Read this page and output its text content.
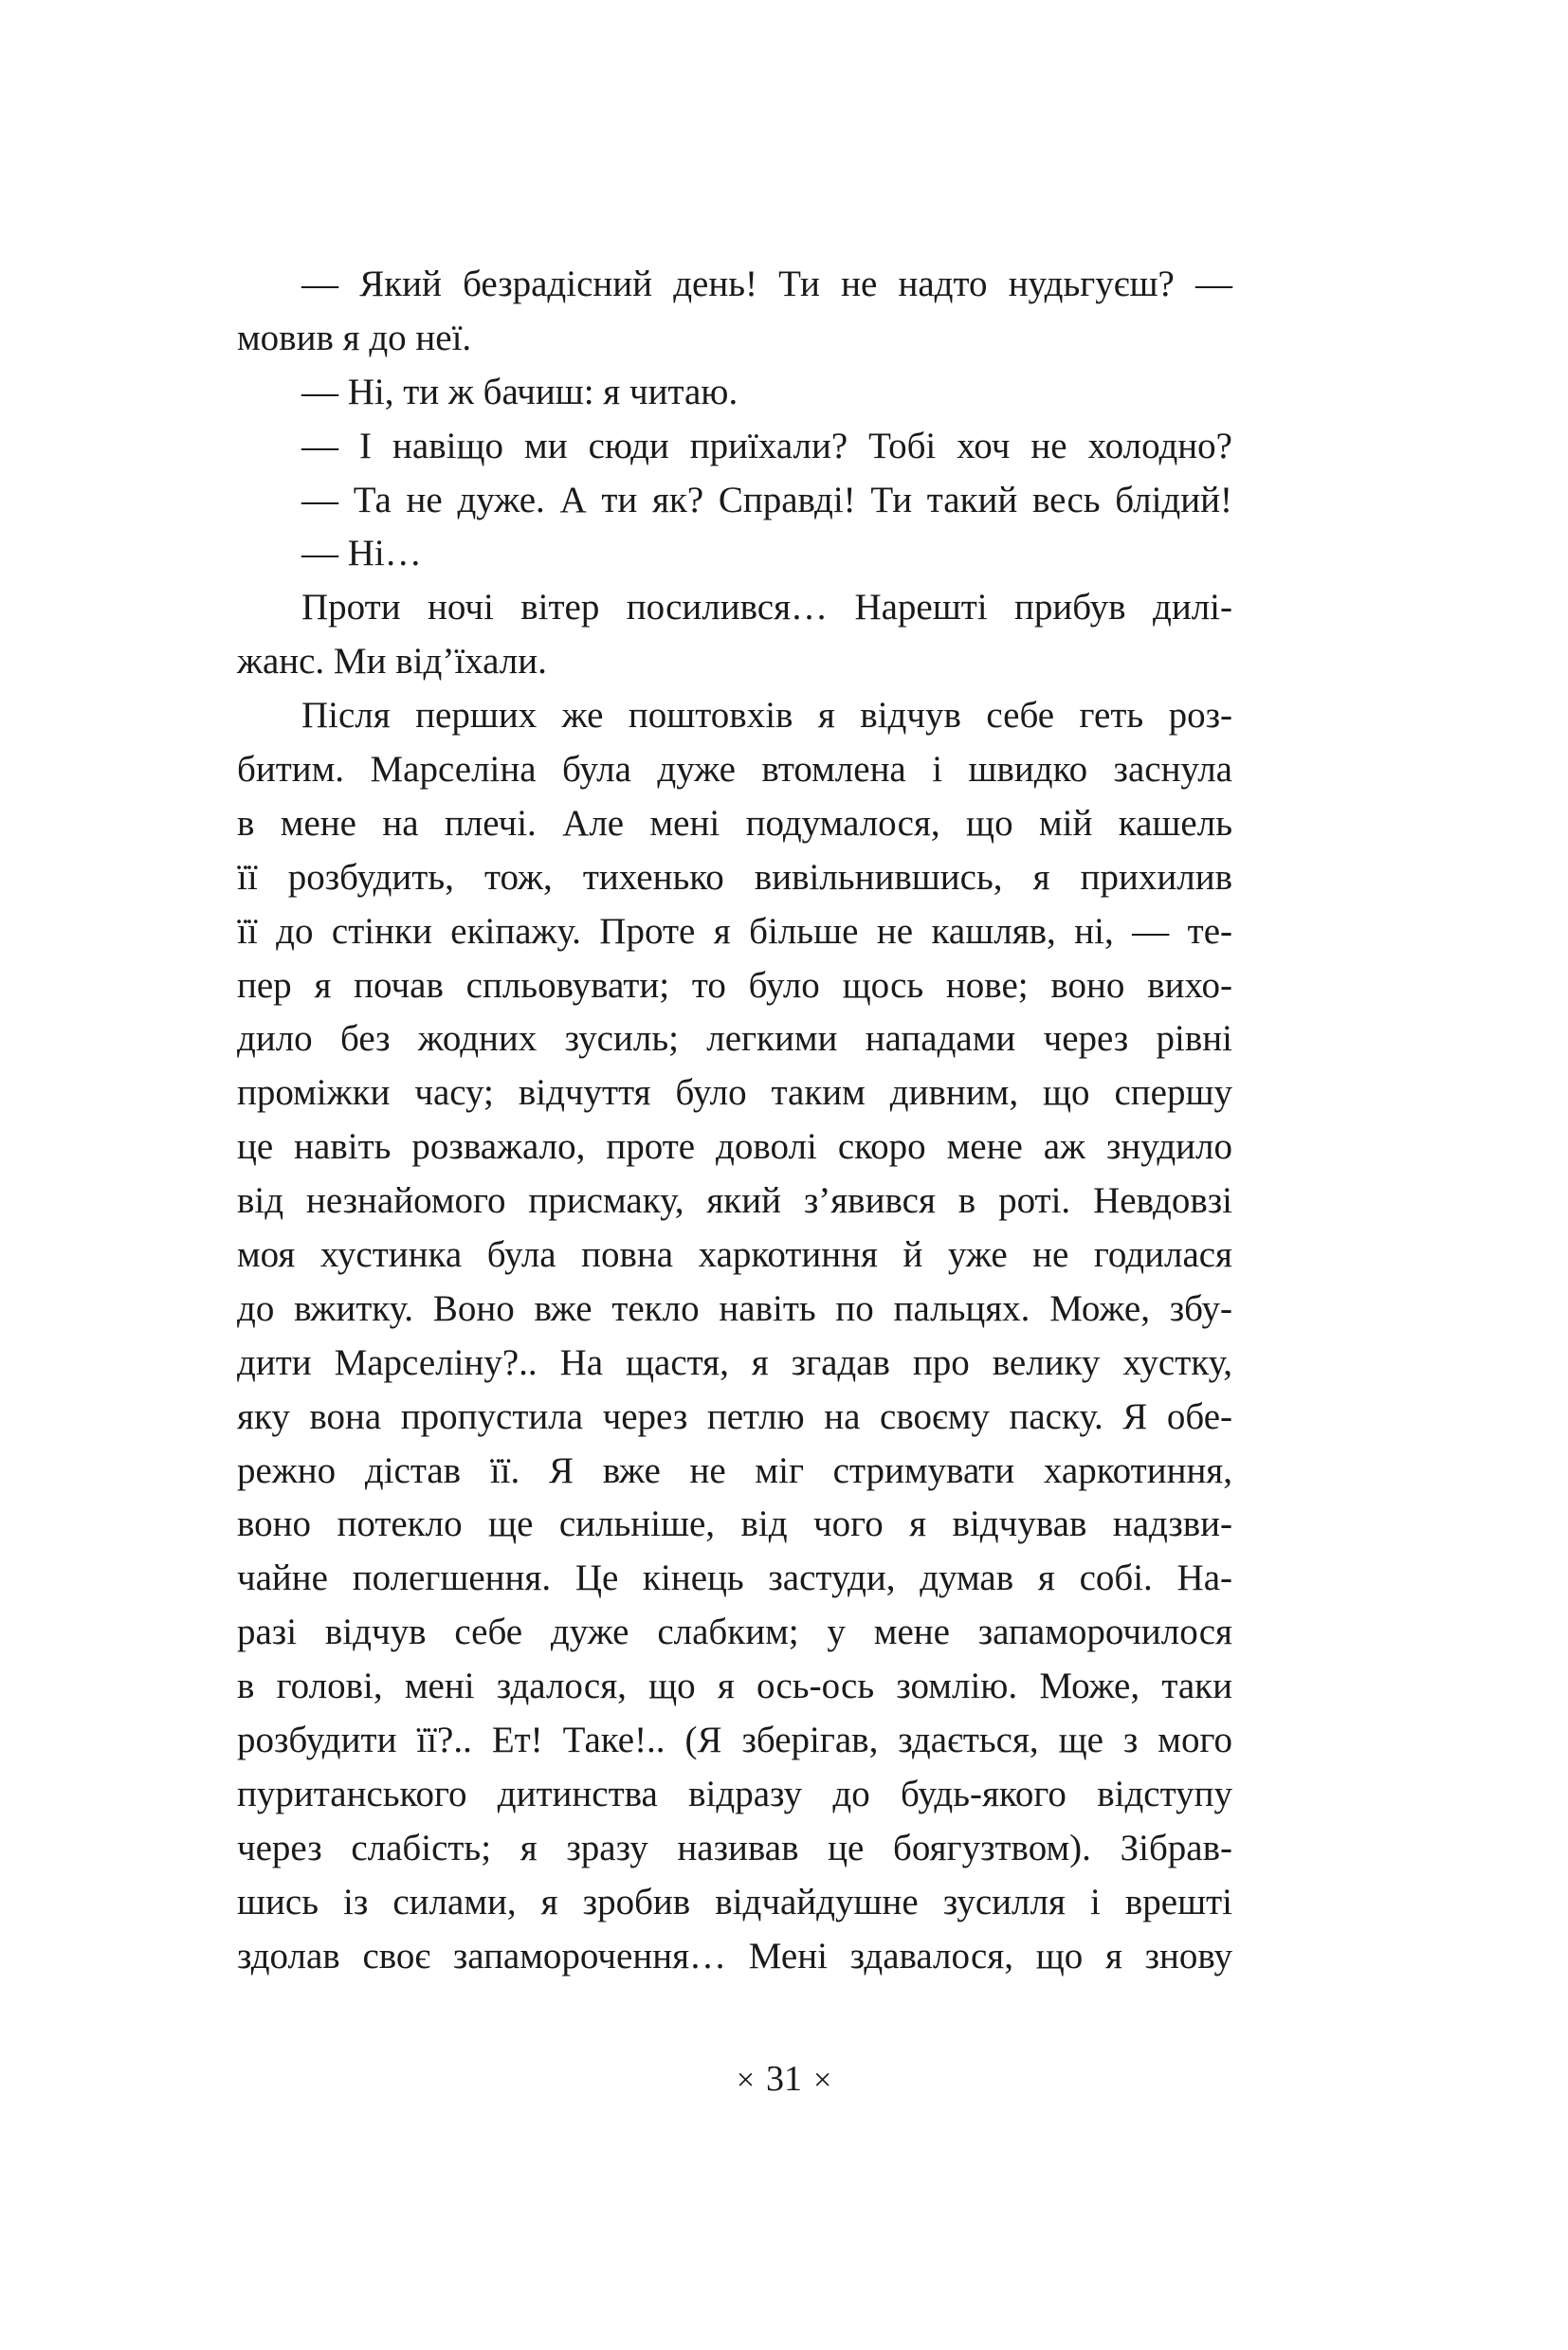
— Який безрадісний день! Ти не надто нудьгуєш? —
мовив я до неї.
— Ні, ти ж бачиш: я читаю.
— І навіщо ми сюди приїхали? Тобі хоч не холодно?
— Та не дуже. А ти як? Справді! Ти такий весь блідий!
— Ні…
Проти ночі вітер посилився… Нарешті прибув дилі-
жанс. Ми від’їхали.
Після перших же поштовхів я відчув себе геть роз-
битим. Марселіна була дуже втомлена і швидко заснула
в мене на плечі. Але мені подумалося, що мій кашель
її розбудить, тож, тихенько вивільнившись, я прихилив
її до стінки екіпажу. Проте я більше не кашляв, ні, — те-
пер я почав спльовувати; то було щось нове; воно вихо-
дило без жодних зусиль; легкими нападами через рівні
проміжки часу; відчуття було таким дивним, що спершу
це навіть розважало, проте доволі скоро мене аж знудило
від незнайомого присмаку, який з’явився в роті. Невдовзі
моя хустинка була повна харкотиння й уже не годилася
до вжитку. Воно вже текло навіть по пальцях. Може, збу-
дити Марселіну?.. На щастя, я згадав про велику хустку,
яку вона пропустила через петлю на своєму паску. Я обе-
режно дістав її. Я вже не міг стримувати харкотиння,
воно потекло ще сильніше, від чого я відчував надзви-
чайне полегшення. Це кінець застуди, думав я собі. На-
разі відчув себе дуже слабким; у мене запаморочилося
в голові, мені здалося, що я ось-ось зомлію. Може, таки
розбудити її?.. Ет! Таке!.. (Я зберігав, здається, ще з мого
пуританського дитинства відразу до будь-якого відступу
через слабість; я зразу називав це боягузтвом). Зібрав-
шись із силами, я зробив відчайдушне зусилля і врешті
здолав своє запаморочення… Мені здавалося, що я знову
× 31 ×
